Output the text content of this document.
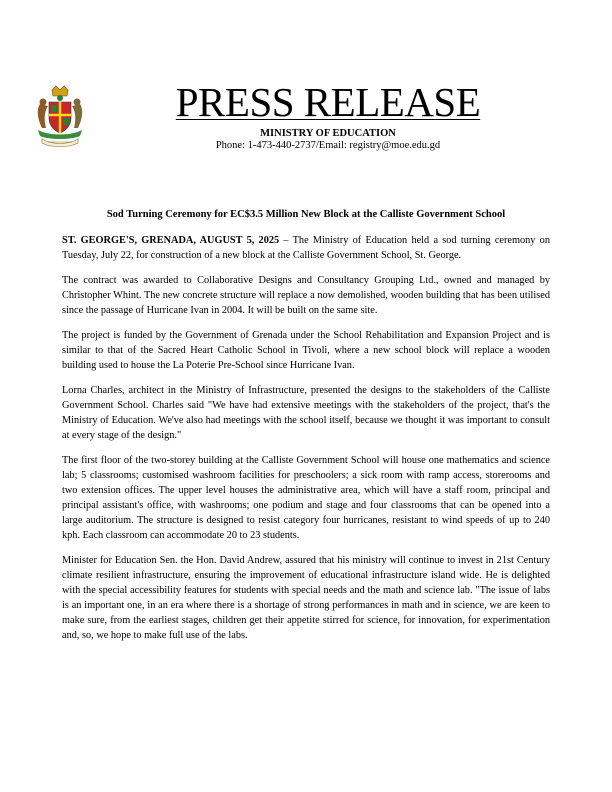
PRESS RELEASE
MINISTRY OF EDUCATION
Phone: 1-473-440-2737/Email: registry@moe.edu.gd
Sod Turning Ceremony for EC$3.5 Million New Block at the Calliste Government School

ST. GEORGE'S, GRENADA, AUGUST 5, 2025 – The Ministry of Education held a sod turning ceremony on Tuesday, July 22, for construction of a new block at the Calliste Government School, St. George.

The contract was awarded to Collaborative Designs and Consultancy Grouping Ltd., owned and managed by Christopher Whint. The new concrete structure will replace a now demolished, wooden building that has been utilised since the passage of Hurricane Ivan in 2004. It will be built on the same site.

The project is funded by the Government of Grenada under the School Rehabilitation and Expansion Project and is similar to that of the Sacred Heart Catholic School in Tivoli, where a new school block will replace a wooden building used to house the La Poterie Pre-School since Hurricane Ivan.

Lorna Charles, architect in the Ministry of Infrastructure, presented the designs to the stakeholders of the Calliste Government School. Charles said "We have had extensive meetings with the stakeholders of the project, that's the Ministry of Education. We've also had meetings with the school itself, because we thought it was important to consult at every stage of the design."

The first floor of the two-storey building at the Calliste Government School will house one mathematics and science lab; 5 classrooms; customised washroom facilities for preschoolers; a sick room with ramp access, storerooms and two extension offices. The upper level houses the administrative area, which will have a staff room, principal and principal assistant's office, with washrooms; one podium and stage and four classrooms that can be opened into a large auditorium. The structure is designed to resist category four hurricanes, resistant to wind speeds of up to 240 kph. Each classroom can accommodate 20 to 23 students.

Minister for Education Sen. the Hon. David Andrew, assured that his ministry will continue to invest in 21st Century climate resilient infrastructure, ensuring the improvement of educational infrastructure island wide. He is delighted with the special accessibility features for students with special needs and the math and science lab. "The issue of labs is an important one, in an era where there is a shortage of strong performances in math and in science, we are keen to make sure, from the earliest stages, children get their appetite stirred for science, for innovation, for experimentation and, so, we hope to make full use of the labs.
